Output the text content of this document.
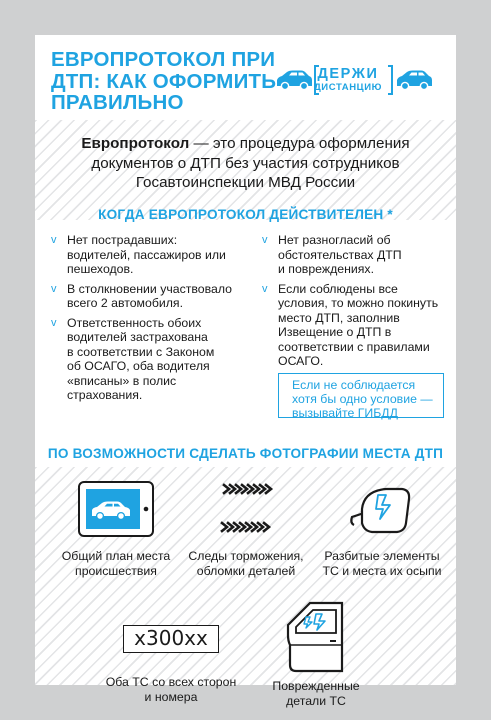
ЕВРОПРОТОКОЛ ПРИ
ДТП: КАК ОФОРМИТЬ
ПРАВИЛЬНО
ДЕРЖИ
ДИСТАНЦИЮ
Европротокол — это процедура оформления
документов о ДТП без участия сотрудников
Госавтоинспекции МВД России
КОГДА ЕВРОПРОТОКОЛ ДЕЙСТВИТЕЛЕН *
v Нет пострадавших:
водителей, пассажиров или
пешеходов.
v В столкновении участвовало
всего 2 автомобиля.
v Ответственность обоих
водителей застрахована
в соответствии с Законом
об ОСАГО, оба водителя
«вписаны» в полис
страхования.
v Нет разногласий об
обстоятельствах ДТП
и повреждениях.
v Если соблюдены все
условия, то можно покинуть
место ДТП, заполнив
Извещение о ДТП в
соответствии с правилами
ОСАГО.
Если не соблюдается
хотя бы одно условие —
вызывайте ГИБДД
ПО ВОЗМОЖНОСТИ СДЕЛАТЬ ФОТОГРАФИИ МЕСТА ДТП
Общий план места
происшествия
Следы торможения,
обломки деталей
Разбитые элементы
ТС и места их осыпи
x300xx
Оба ТС со всех сторон
и номера
Поврежденные
детали ТС
